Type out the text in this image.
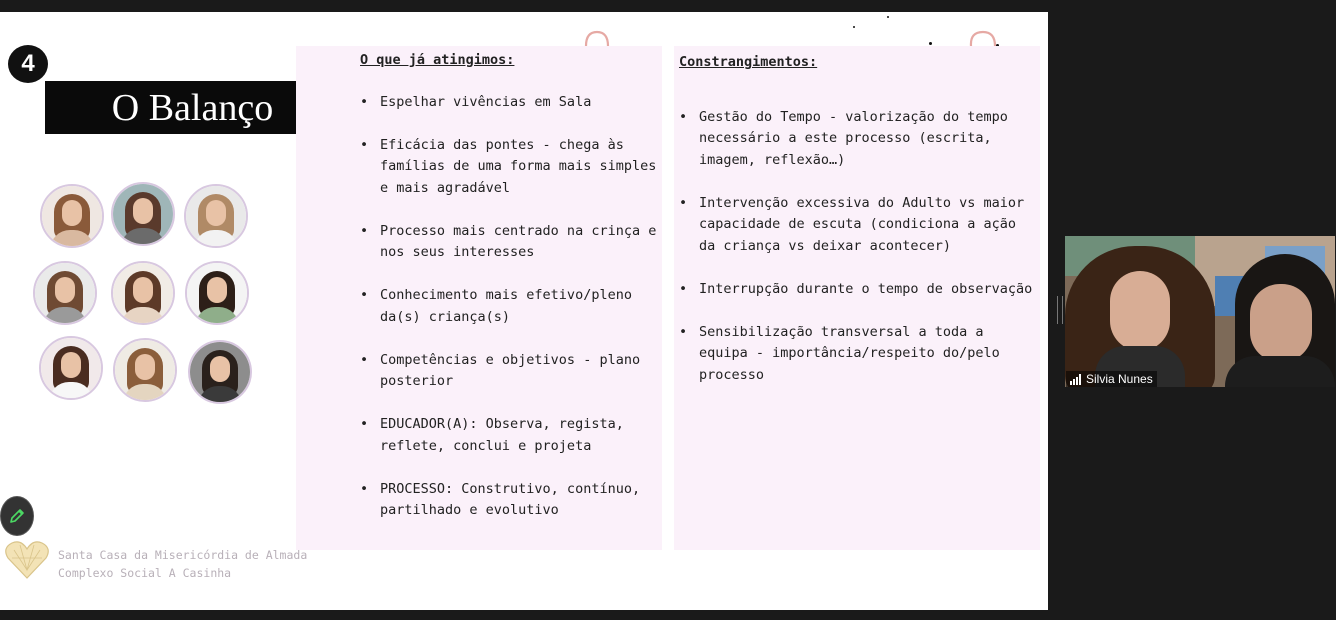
4
O Balanço
O que já atingimos:
• Espelhar vivências em Sala
• Eficácia das pontes - chega às famílias de uma forma mais simples e mais agradável
• Processo mais centrado na crinça e nos seus interesses
• Conhecimento mais efetivo/pleno da(s) criança(s)
• Competências e objetivos - plano posterior
• EDUCADOR(A): Observa, regista, reflete, conclui e projeta
• PROCESSO: Construtivo, contínuo, partilhado e evolutivo
Constrangimentos:
• Gestão do Tempo - valorização do tempo necessário a este processo (escrita, imagem, reflexão…)
• Intervenção excessiva do Adulto vs maior capacidade de escuta (condiciona a ação da criança vs deixar acontecer)
• Interrupção durante o tempo de observação
• Sensibilização transversal a toda a equipa - importância/respeito do/pelo processo
Santa Casa da Misericórdia de Almada
Complexo Social A Casinha
Silvia Nunes
